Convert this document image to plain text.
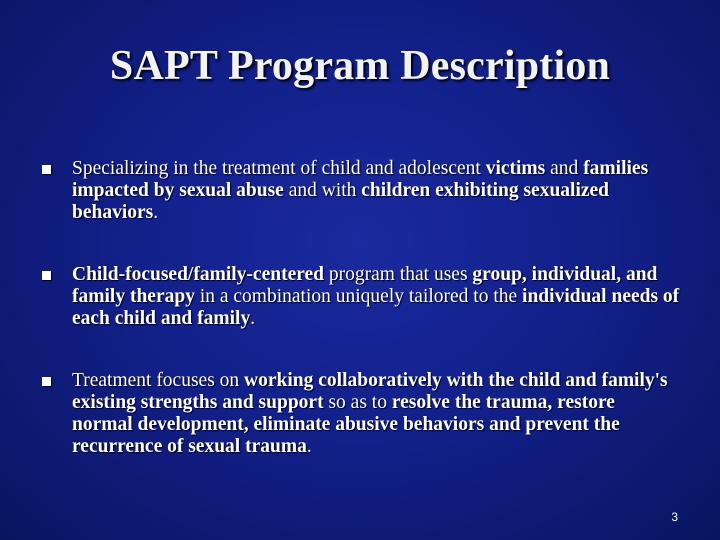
SAPT Program Description
Specializing in the treatment of child and adolescent victims and families impacted by sexual abuse and with children exhibiting sexualized behaviors.
Child-focused/family-centered program that uses group, individual, and family therapy in a combination uniquely tailored to the individual needs of each child and family.
Treatment focuses on working collaboratively with the child and family's existing strengths and support so as to resolve the trauma, restore normal development, eliminate abusive behaviors and prevent the recurrence of sexual trauma.
3
